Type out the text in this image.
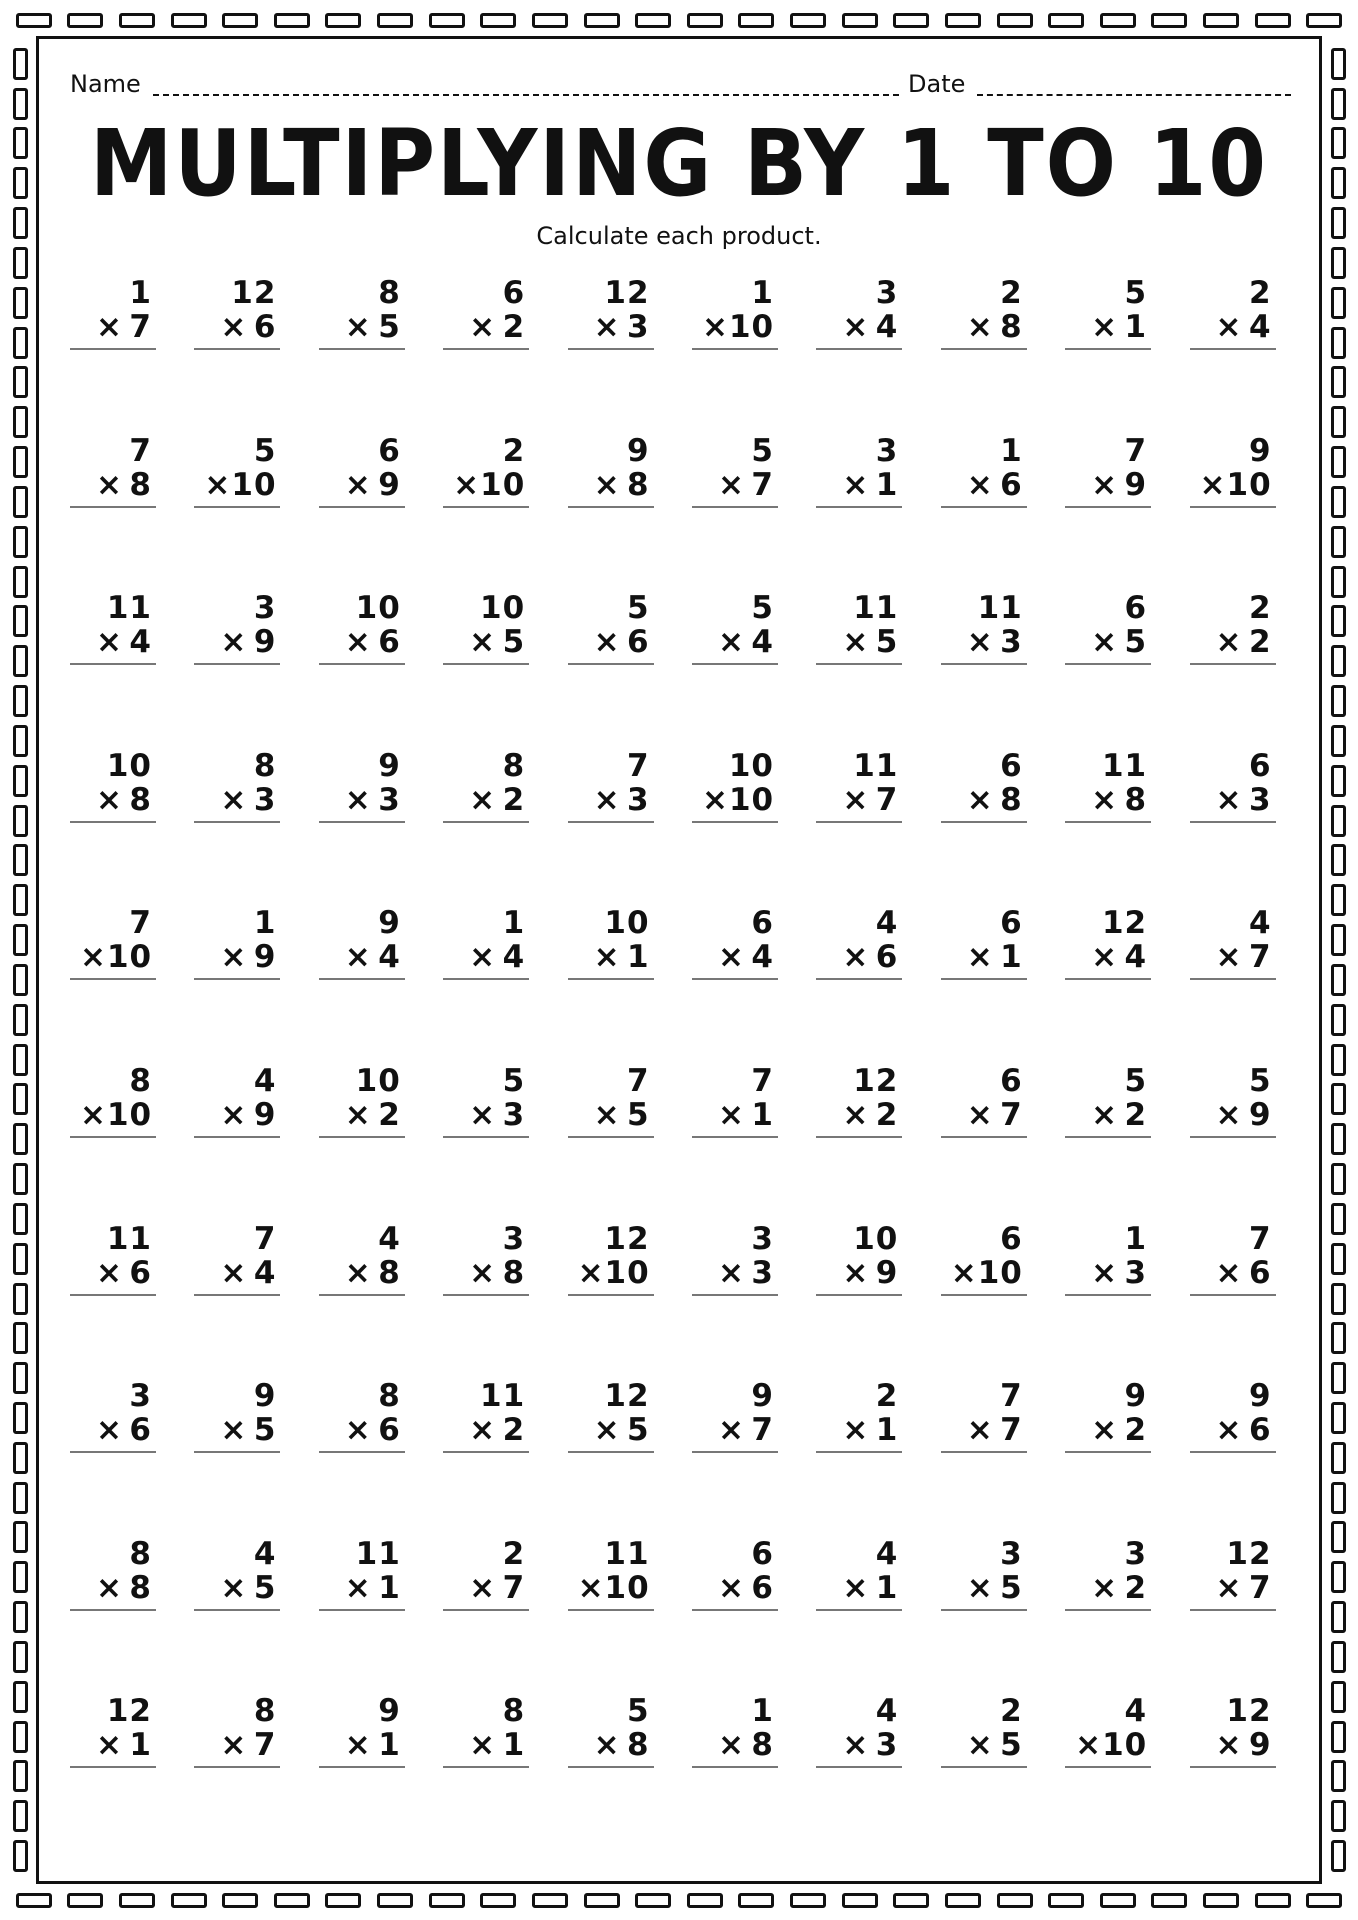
Name	Date
MULTIPLYING BY 1 TO 10
Calculate each product.
1
× 7
12
× 6
8
× 5
6
× 2
12
× 3
1
× 10
3
× 4
2
× 8
5
× 1
2
× 4
7
× 8
5
× 10
6
× 9
2
× 10
9
× 8
5
× 7
3
× 1
1
× 6
7
× 9
9
× 10
11
× 4
3
× 9
10
× 6
10
× 5
5
× 6
5
× 4
11
× 5
11
× 3
6
× 5
2
× 2
10
× 8
8
× 3
9
× 3
8
× 2
7
× 3
10
× 10
11
× 7
6
× 8
11
× 8
6
× 3
7
× 10
1
× 9
9
× 4
1
× 4
10
× 1
6
× 4
4
× 6
6
× 1
12
× 4
4
× 7
8
× 10
4
× 9
10
× 2
5
× 3
7
× 5
7
× 1
12
× 2
6
× 7
5
× 2
5
× 9
11
× 6
7
× 4
4
× 8
3
× 8
12
× 10
3
× 3
10
× 9
6
× 10
1
× 3
7
× 6
3
× 6
9
× 5
8
× 6
11
× 2
12
× 5
9
× 7
2
× 1
7
× 7
9
× 2
9
× 6
8
× 8
4
× 5
11
× 1
2
× 7
11
× 10
6
× 6
4
× 1
3
× 5
3
× 2
12
× 7
12
× 1
8
× 7
9
× 1
8
× 1
5
× 8
1
× 8
4
× 3
2
× 5
4
× 10
12
× 9
